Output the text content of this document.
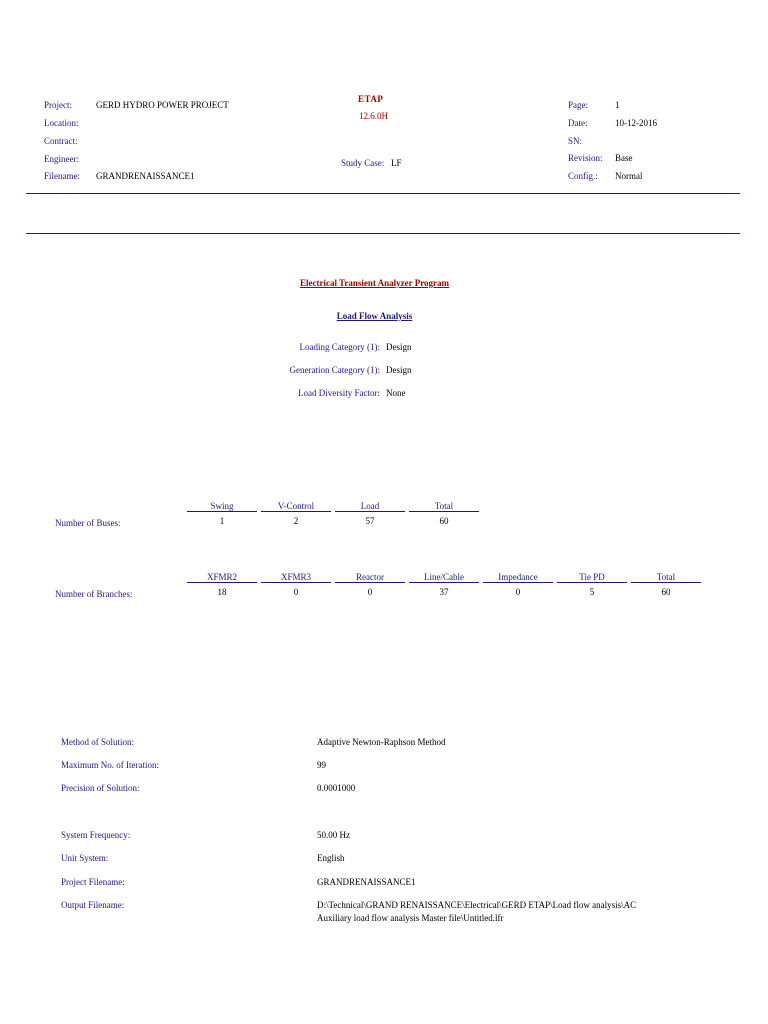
Project:	GERD HYDRO POWER PROJECT
Location:
Contract:
Engineer:
Filename: GRANDRENAISSANCE1
ETAP
12.6.0H
Study Case: LF
Page:	1
Date:	10-12-2016
SN:
Revision: Base
Config.: Normal
Electrical Transient Analyzer Program
Load Flow Analysis
Loading Category (1): Design
Generation Category (1): Design
Load Diversity Factor: None
Swing	V-Control	Load	Total
Number of Buses:	1	2	57	60
XFMR2	XFMR3	Reactor	Line/Cable	Impedance	Tie PD	Total
Number of Branches:	18	0	0	37	0	5	60
Method of Solution:	Adaptive Newton-Raphson Method
Maximum No. of Iteration:	99
Precision of Solution:	0.0001000
System Frequency:	50.00 Hz
Unit System:	English
Project Filename:	GRANDRENAISSANCE1
Output Filename:	D:\Technical\GRAND RENAISSANCE\Electrical\GERD ETAP\Load flow analysis\AC
Auxiliary load flow analysis Master file\Untitled.lfr
